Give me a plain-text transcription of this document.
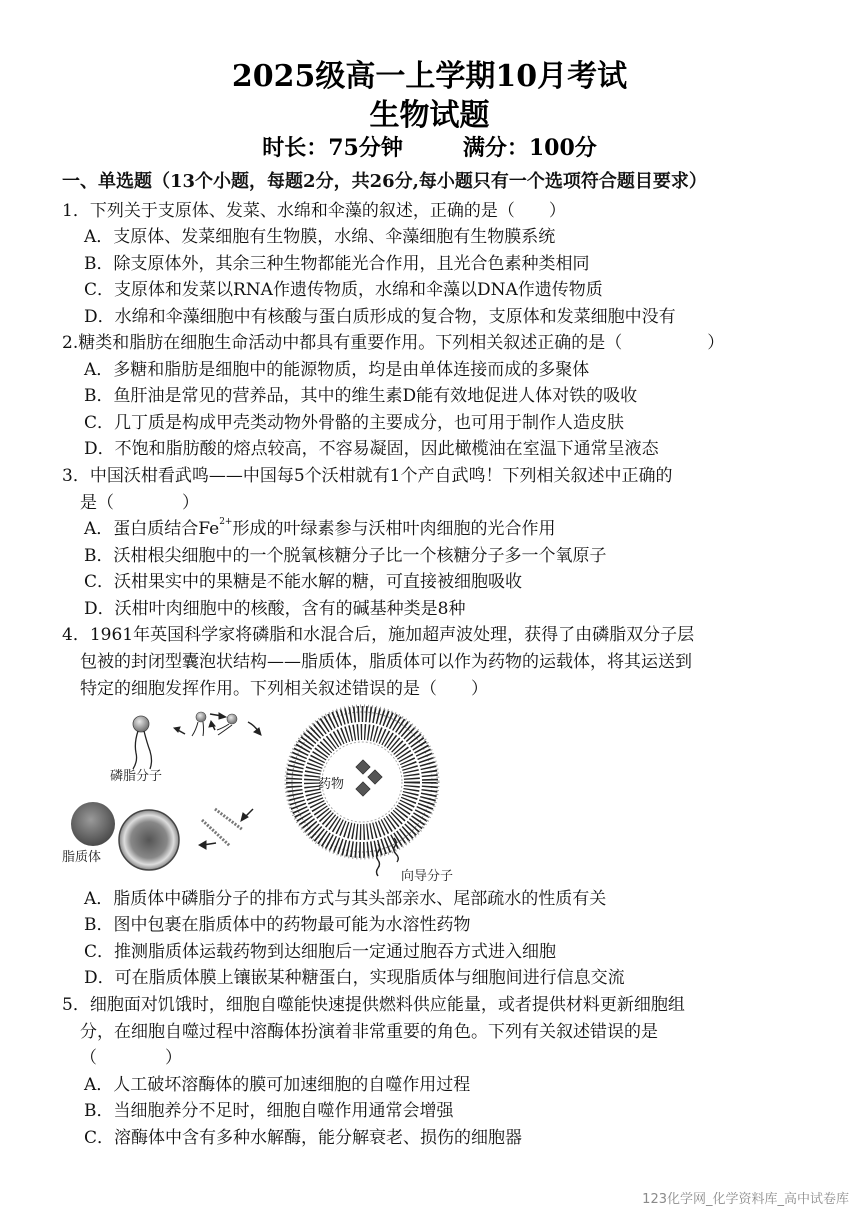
2025级高一上学期10月考试
生物试题
时长：75分钟	满分：100分
一、单选题（13个小题，每题2分，共26分,每小题只有一个选项符合题目要求）
1．下列关于支原体、发菜、水绵和伞藻的叙述，正确的是（　　）
A．支原体、发菜细胞有生物膜，水绵、伞藻细胞有生物膜系统
B．除支原体外，其余三种生物都能光合作用，且光合色素种类相同
C．支原体和发菜以RNA作遗传物质，水绵和伞藻以DNA作遗传物质
D．水绵和伞藻细胞中有核酸与蛋白质形成的复合物，支原体和发菜细胞中没有
2.糖类和脂肪在细胞生命活动中都具有重要作用。下列相关叙述正确的是（　　　　　）
A．多糖和脂肪是细胞中的能源物质，均是由单体连接而成的多聚体
B．鱼肝油是常见的营养品，其中的维生素D能有效地促进人体对铁的吸收
C．几丁质是构成甲壳类动物外骨骼的主要成分，也可用于制作人造皮肤
D．不饱和脂肪酸的熔点较高，不容易凝固，因此橄榄油在室温下通常呈液态
3．中国沃柑看武鸣——中国每5个沃柑就有1个产自武鸣！下列相关叙述中正确的
是（　　　　）
A．蛋白质结合$Fe^{2+}$形成的叶绿素参与沃柑叶肉细胞的光合作用
B．沃柑根尖细胞中的一个脱氧核糖分子比一个核糖分子多一个氧原子
C．沃柑果实中的果糖是不能水解的糖，可直接被细胞吸收
D．沃柑叶肉细胞中的核酸，含有的碱基种类是8种
4．1961年英国科学家将磷脂和水混合后，施加超声波处理，获得了由磷脂双分子层
包被的封闭型囊泡状结构——脂质体，脂质体可以作为药物的运载体，将其运送到
特定的细胞发挥作用。下列相关叙述错误的是（　　）
磷脂分子
脂质体
药物
向导分子
A．脂质体中磷脂分子的排布方式与其头部亲水、尾部疏水的性质有关
B．图中包裹在脂质体中的药物最可能为水溶性药物
C．推测脂质体运载药物到达细胞后一定通过胞吞方式进入细胞
D．可在脂质体膜上镶嵌某种糖蛋白，实现脂质体与细胞间进行信息交流
5．细胞面对饥饿时，细胞自噬能快速提供燃料供应能量，或者提供材料更新细胞组
分，在细胞自噬过程中溶酶体扮演着非常重要的角色。下列有关叙述错误的是
（　　　　）
A．人工破坏溶酶体的膜可加速细胞的自噬作用过程
B．当细胞养分不足时，细胞自噬作用通常会增强
C．溶酶体中含有多种水解酶，能分解衰老、损伤的细胞器
123化学网_化学资料库_高中试卷库
